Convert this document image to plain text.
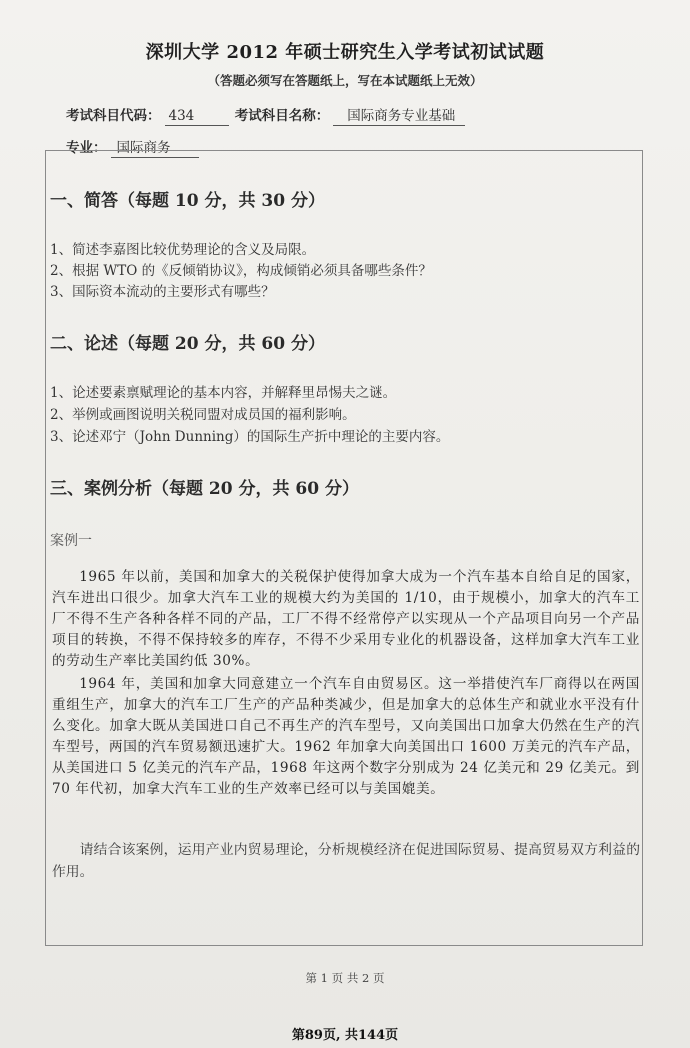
深圳大学 2012 年硕士研究生入学考试初试试题
（答题必须写在答题纸上，写在本试题纸上无效）
考试科目代码： 434	考试科目名称： 国际商务专业基础
专业： 国际商务
一、简答（每题 10 分，共 30 分）
1、简述李嘉图比较优势理论的含义及局限。
2、根据 WTO 的《反倾销协议》，构成倾销必须具备哪些条件？
3、国际资本流动的主要形式有哪些？
二、论述（每题 20 分，共 60 分）
1、论述要素禀赋理论的基本内容，并解释里昂惕夫之谜。
2、举例或画图说明关税同盟对成员国的福利影响。
3、论述邓宁（John Dunning）的国际生产折中理论的主要内容。
三、案例分析（每题 20 分，共 60 分）
案例一
1965 年以前，美国和加拿大的关税保护使得加拿大成为一个汽车基本自给自足的国家，汽车进出口很少。加拿大汽车工业的规模大约为美国的 1/10，由于规模小，加拿大的汽车工厂不得不生产各种各样不同的产品，工厂不得不经常停产以实现从一个产品项目向另一个产品项目的转换，不得不保持较多的库存，不得不少采用专业化的机器设备，这样加拿大汽车工业的劳动生产率比美国约低 30%。
1964 年，美国和加拿大同意建立一个汽车自由贸易区。这一举措使汽车厂商得以在两国重组生产，加拿大的汽车工厂生产的产品种类减少，但是加拿大的总体生产和就业水平没有什么变化。加拿大既从美国进口自己不再生产的汽车型号，又向美国出口加拿大仍然在生产的汽车型号，两国的汽车贸易额迅速扩大。1962 年加拿大向美国出口 1600 万美元的汽车产品，从美国进口 5 亿美元的汽车产品，1968 年这两个数字分别成为 24 亿美元和 29 亿美元。到 70 年代初，加拿大汽车工业的生产效率已经可以与美国媲美。
请结合该案例，运用产业内贸易理论，分析规模经济在促进国际贸易、提高贸易双方利益的作用。
第 1 页 共 2 页
第89页, 共144页
